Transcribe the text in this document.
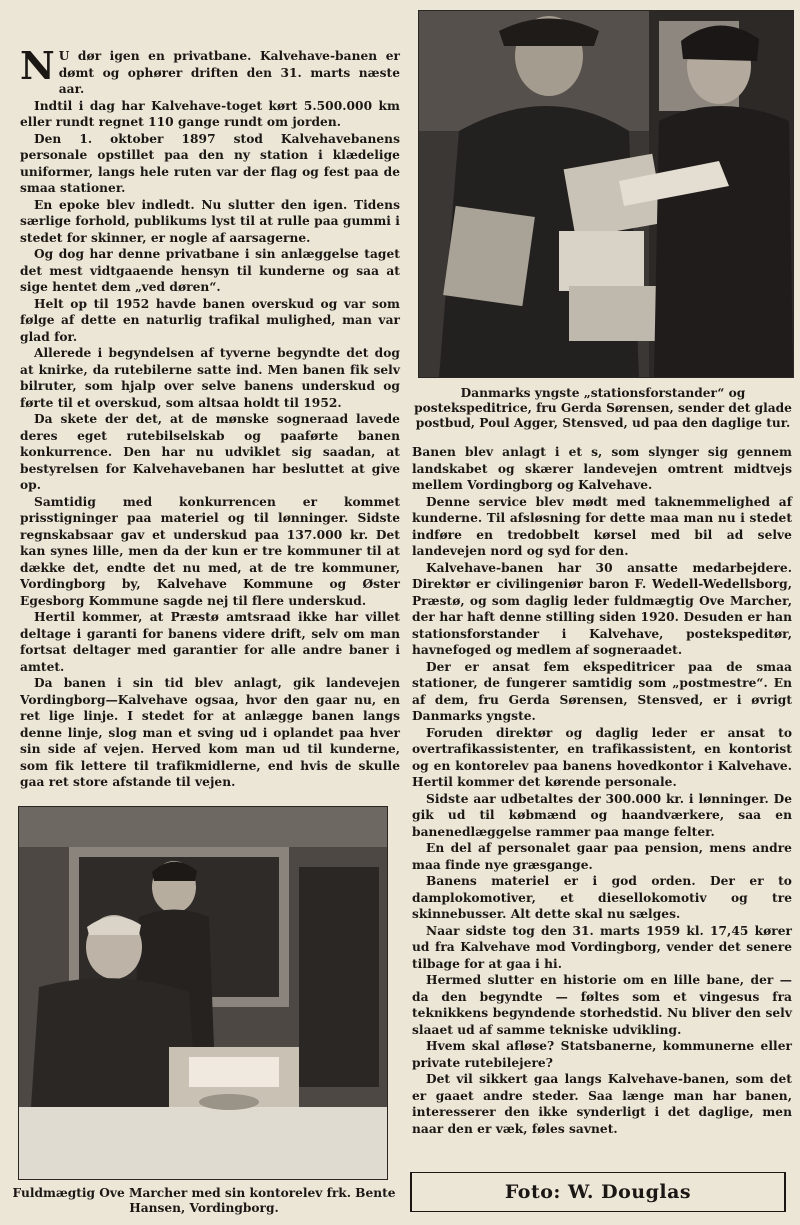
N U dør igen en privatbane. Kalvehave-banen er dømt og ophører driften den 31. marts næste aar.

Indtil i dag har Kalvehave-toget kørt 5.500.000 km eller rundt regnet 110 gange rundt om jorden.

Den 1. oktober 1897 stod Kalvehavebanens personale opstillet paa den ny station i klædelige uniformer, langs hele ruten var der flag og fest paa de smaa stationer.

En epoke blev indledt. Nu slutter den igen. Tidens særlige forhold, publikums lyst til at rulle paa gummi i stedet for skinner, er nogle af aarsagerne.

Og dog har denne privatbane i sin anlæggelse taget det mest vidtgaaende hensyn til kunderne og saa at sige hentet dem „ved døren“.

Helt op til 1952 havde banen overskud og var som følge af dette en naturlig trafikal mulighed, man var glad for.

Allerede i begyndelsen af tyverne begyndte det dog at knirke, da rutebilerne satte ind. Men banen fik selv bilruter, som hjalp over selve banens underskud og førte til et overskud, som altsaa holdt til 1952.

Da skete der det, at de mønske sogneraad lavede deres eget rutebilselskab og paaførte banen konkurrence. Den har nu udviklet sig saadan, at bestyrelsen for Kalvehavebanen har besluttet at give op.

Samtidig med konkurrencen er kommet prisstigninger paa materiel og til lønninger. Sidste regnskabsaar gav et underskud paa 137.000 kr. Det kan synes lille, men da der kun er tre kommuner til at dække det, endte det nu med, at de tre kommuner, Vordingborg by, Kalvehave Kommune og Øster Egesborg Kommune sagde nej til flere underskud.

Hertil kommer, at Præstø amtsraad ikke har villet deltage i garanti for banens videre drift, selv om man fortsat deltager med garantier for alle andre baner i amtet.

Da banen i sin tid blev anlagt, gik landevejen Vordingborg—Kalvehave ogsaa, hvor den gaar nu, en ret lige linje. I stedet for at anlægge banen langs denne linje, slog man et sving ud i oplandet paa hver sin side af vejen. Herved kom man ud til kunderne, som fik lettere til trafikmidlerne, end hvis de skulle gaa ret store afstande til vejen.

Danmarks yngste „stationsforstander“ og postekspeditrice, fru Gerda Sørensen, sender det glade postbud, Poul Agger, Stensved, ud paa den daglige tur.

Banen blev anlagt i et s, som slynger sig gennem landskabet og skærer landevejen omtrent midtvejs mellem Vordingborg og Kalvehave.

Denne service blev mødt med taknemmelighed af kunderne. Til afsløsning for dette maa man nu i stedet indføre en tredobbelt kørsel med bil ad selve landevejen nord og syd for den.

Kalvehave-banen har 30 ansatte medarbejdere. Direktør er civilingeniør baron F. Wedell-Wedellsborg, Præstø, og som daglig leder fuldmægtig Ove Marcher, der har haft denne stilling siden 1920. Desuden er han stationsforstander i Kalvehave, postekspeditør, havnefoged og medlem af sogneraadet.

Der er ansat fem ekspeditricer paa de smaa stationer, de fungerer samtidig som „postmestre“. En af dem, fru Gerda Sørensen, Stensved, er i øvrigt Danmarks yngste.

Foruden direktør og daglig leder er ansat to overtrafikassistenter, en trafikassistent, en kontorist og en kontorelev paa banens hovedkontor i Kalvehave. Hertil kommer det kørende personale.

Sidste aar udbetaltes der 300.000 kr. i lønninger. De gik ud til købmænd og haandværkere, saa en banenedlæggelse rammer paa mange felter.

En del af personalet gaar paa pension, mens andre maa finde nye græsgange.

Banens materiel er i god orden. Der er to damplokomotiver, et diesellokomotiv og tre skinnebusser. Alt dette skal nu sælges.

Naar sidste tog den 31. marts 1959 kl. 17,45 kører ud fra Kalvehave mod Vordingborg, vender det senere tilbage for at gaa i hi.

Hermed slutter en historie om en lille bane, der — da den begyndte — føltes som et vingesus fra teknikkens begyndende storhedstid. Nu bliver den selv slaaet ud af samme tekniske udvikling.

Hvem skal afløse? Statsbanerne, kommunerne eller private rutebilejere?

Det vil sikkert gaa langs Kalvehave-banen, som det er gaaet andre steder. Saa længe man har banen, interesserer den ikke synderligt i det daglige, men naar den er væk, føles savnet.

Fuldmægtig Ove Marcher med sin kontorelev frk. Bente Hansen, Vordingborg.

Foto: W. Douglas
